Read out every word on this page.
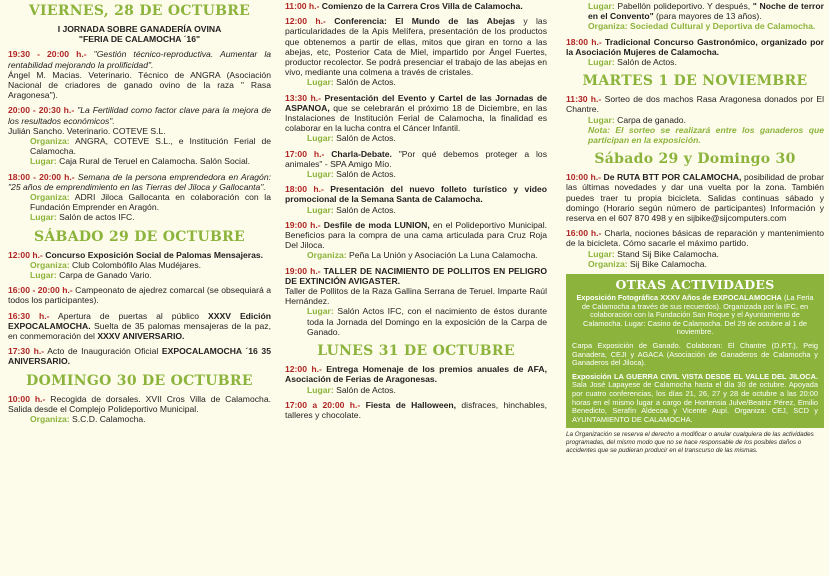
VIERNES, 28 DE OCTUBRE

I JORNADA SOBRE GANADERÍA OVINA

"FERIA DE CALAMOCHA ´16"

19:30 - 20:00 h.- "Gestión técnico-reproductiva. Aumentar la rentabilidad mejorando la prolificidad".

Ángel M. Macias. Veterinario. Técnico de ANGRA (Asociación Nacional de criadores de ganado ovino de la raza " Rasa Aragonesa").

20:00 - 20:30 h.- "La Fertilidad como factor clave para la mejora de los resultados económicos".

Julián Sancho. Veterinario. COTEVE S.L.

Organiza: ANGRA, COTEVE S.L., e Institución Ferial de Calamocha.

Lugar: Caja Rural de Teruel en Calamocha. Salón Social.

18:00 - 20:00 h.- Semana de la persona emprendedora en Aragón: "25 años de emprendimiento en las Tierras del Jiloca y Gallocanta".

Organiza: ADRI Jiloca Gallocanta en colaboración con la Fundación Emprender en Aragón.

Lugar: Salón de actos IFC.

SÁBADO 29 DE OCTUBRE

12:00 h.- Concurso Exposición Social de Palomas Mensajeras.

Organiza: Club Colombófilo Alas Mudéjares.

Lugar: Carpa de Ganado Vario.

16:00 - 20:00 h.- Campeonato de ajedrez comarcal (se obsequiará a todos los participantes).

16:30 h.- Apertura de puertas al público XXXV Edición EXPOCALAMOCHA. Suelta de 35 palomas mensajeras de la paz, en conmemoración del XXXV ANIVERSARIO.

17:30 h.- Acto de Inauguración Oficial EXPOCALAMOCHA ´16 35 ANIVERSARIO.

DOMINGO 30 DE OCTUBRE

10:00 h.- Recogida de dorsales. XVII Cros Villa de Calamocha. Salida desde el Complejo Polideportivo Municipal.

Organiza: S.C.D. Calamocha.

11:00 h.- Comienzo de la Carrera Cros Villa de Calamocha.

12:00 h.- Conferencia: El Mundo de las Abejas y las particularidades de la Apis Melífera, presentación de los productos que obtenemos a partir de ellas, mitos que giran en torno a las abejas, etc, Posterior Cata de Miel, impartido por Ángel Fuertes, productor recolector. Se podrá presenciar el trabajo de las abejas en vivo, mediante una colmena a través de cristales.

Lugar: Salón de Actos.

13:30 h.- Presentación del Evento y Cartel de las Jornadas de ASPANOA, que se celebrarán el próximo 18 de Diciembre, en las Instalaciones de Institución Ferial de Calamocha, la finalidad es colaborar en la lucha contra el Cáncer Infantil.

Lugar: Salón de Actos.

17:00 h.- Charla-Debate. "Por qué debemos proteger a los animales" - SPA Amigo Mío.

Lugar: Salón de Actos.

18:00 h.- Presentación del nuevo folleto turístico y video promocional de la Semana Santa de Calamocha.

Lugar: Salón de Actos.

19:00 h.- Desfile de moda LUNION, en el Polideportivo Municipal. Beneficios para la compra de una cama articulada para Cruz Roja Del Jiloca.

Organiza: Peña La Unión y Asociación La Luna Calamocha.

19:00 h.- TALLER DE NACIMIENTO DE POLLITOS EN PELIGRO DE EXTINCIÓN AVIGASTER.

Taller de Pollitos de la Raza Gallina Serrana de Teruel. Imparte Raúl Hernández.

Lugar: Salón Actos IFC, con el nacimiento de éstos durante toda la Jornada del Domingo en la exposición de la Carpa de Ganado.

LUNES 31 DE OCTUBRE

12:00 h.- Entrega Homenaje de los premios anuales de AFA, Asociación de Ferias de Aragonesas.

Lugar: Salón de Actos.

17:00 a 20:00 h.- Fiesta de Halloween, disfraces, hinchables, talleres y chocolate.

Lugar: Pabellón polideportivo. Y después, " Noche de terror en el Convento" (para mayores de 13 años).

Organiza: Sociedad Cultural y Deportiva de Calamocha.

18:00 h.- Tradicional Concurso Gastronómico, organizado por la Asociación Mujeres de Calamocha.

Lugar: Salón de Actos.

MARTES 1 DE NOVIEMBRE

11:30 h.- Sorteo de dos machos Rasa Aragonesa donados por El Chantre.

Lugar: Carpa de ganado.

Nota: El sorteo se realizará entre los ganaderos que participan en la exposición.

Sábado 29 y Domingo 30

10:00 h.- De RUTA BTT POR CALAMOCHA, posibilidad de probar las últimas novedades y dar una vuelta por la zona. También puedes traer tu propia bicicleta. Salidas continuas sábado y domingo (Horario según número de participantes) Información y reserva en el 607 870 498 y en sijbike@sijcomputers.com

16:00 h.- Charla, nociones básicas de reparación y mantenimiento de la bicicleta. Cómo sacarle el máximo partido.

Lugar: Stand Sij Bike Calamocha.

Organiza: Sij Bike Calamocha.

OTRAS ACTIVIDADES
Exposición Fotográfica XXXV Años de EXPOCALAMOCHA (La Feria de Calamocha a través de sus recuerdos). Organizada por la IFC, en colaboración con la Fundación San Roque y el Ayuntamiento de Calamocha. Lugar: Casino de Calamocha. Del 29 de octubre al 1 de noviembre.
Carpa Exposición de Ganado. Colaboran: El Chantre (D.P.T.), Peig Ganadera, CEJI y AGACA (Asociación de Ganaderos de Calamocha y Ganaderos del Jiloca).
Exposición LA GUERRA CIVIL VISTA DESDE EL VALLE DEL JILOCA. Sala José Lapayese de Calamocha hasta el día 30 de octubre. Apoyada por cuatro conferencias, los días 21, 26, 27 y 28 de octubre a las 20:00 horas en el mismo lugar a cargo de Hortensia Julve/Beatriz Pérez, Emilio Benedicto, Serafín Aldecoa y Vicente Aupí. Organiza: CEJ, SCD y AYUNTAMIENTO DE CALAMOCHA.
La Organización se reserva el derecho a modificar o anular cualquiera de las actividades programadas, del mismo modo que no se hace responsable de los posibles daños o accidentes que se pudieran producir en el transcurso de las mismas.
